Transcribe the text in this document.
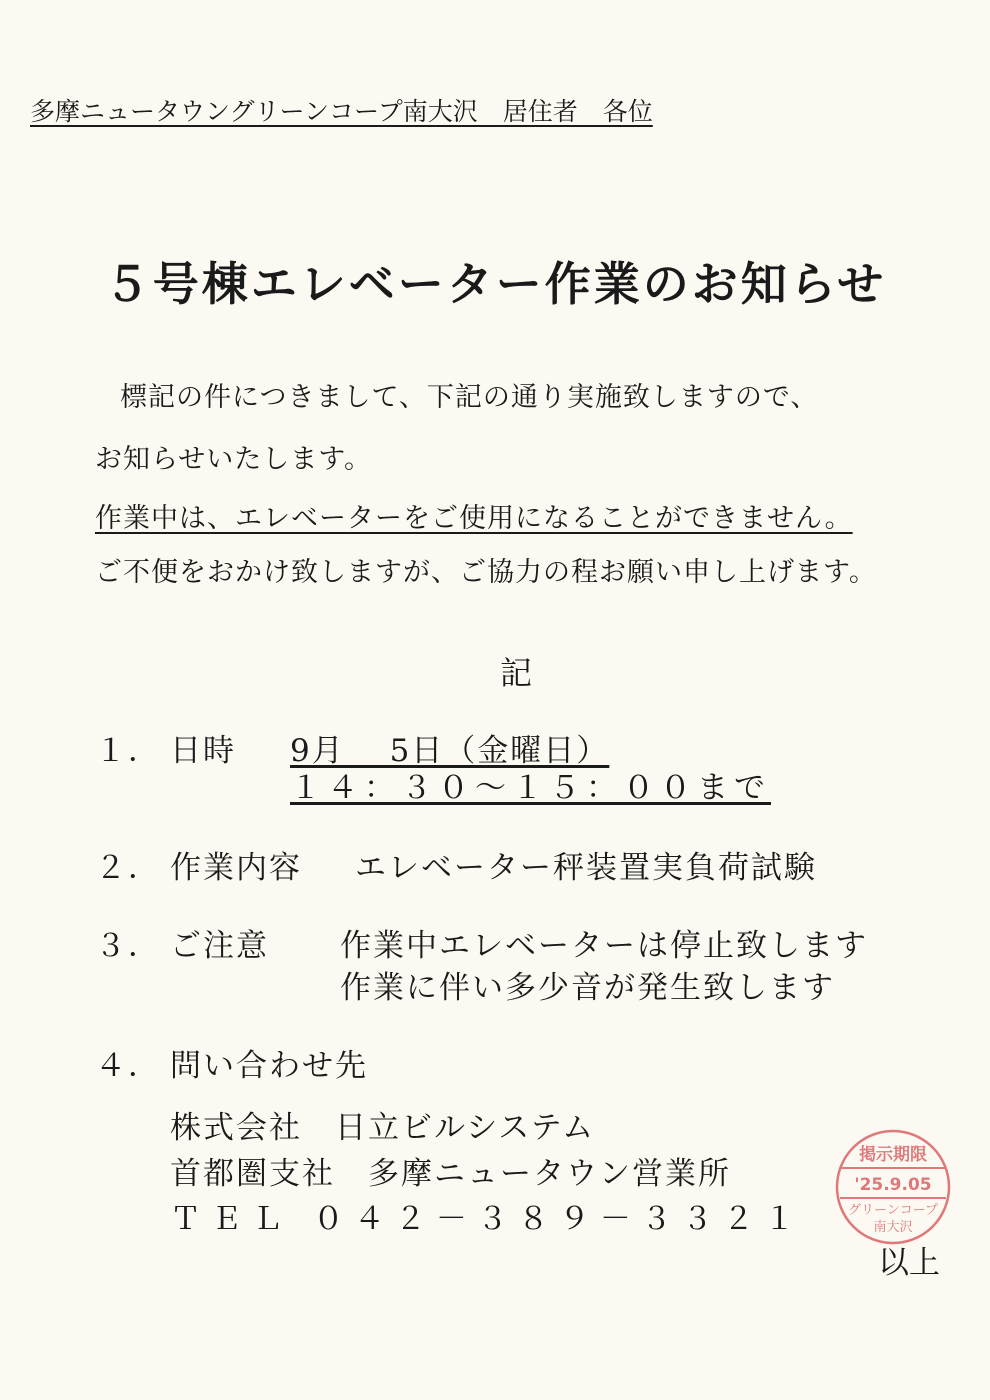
多摩ニュータウングリーンコープ南大沢　居住者　各位
５号棟エレベーター作業のお知らせ
標記の件につきまして、下記の通り実施致しますので、
お知らせいたします。
作業中は、エレベーターをご使用になることができません。
ご不便をおかけ致しますが、ご協力の程お願い申し上げます。
記
１． 日時 9月　 5日（金曜日）
１４：３０～１５：００まで
２． 作業内容 エレベーター秤装置実負荷試験
３． ご注意 作業中エレベーターは停止致します
作業に伴い多少音が発生致します
４． 問い合わせ先
株式会社　日立ビルシステム
首都圏支社　多摩ニュータウン営業所
ＴＥＬ ０４２－３８９－３３２１
以上
掲示期限
'25.9.05
グリーンコープ
南大沢
